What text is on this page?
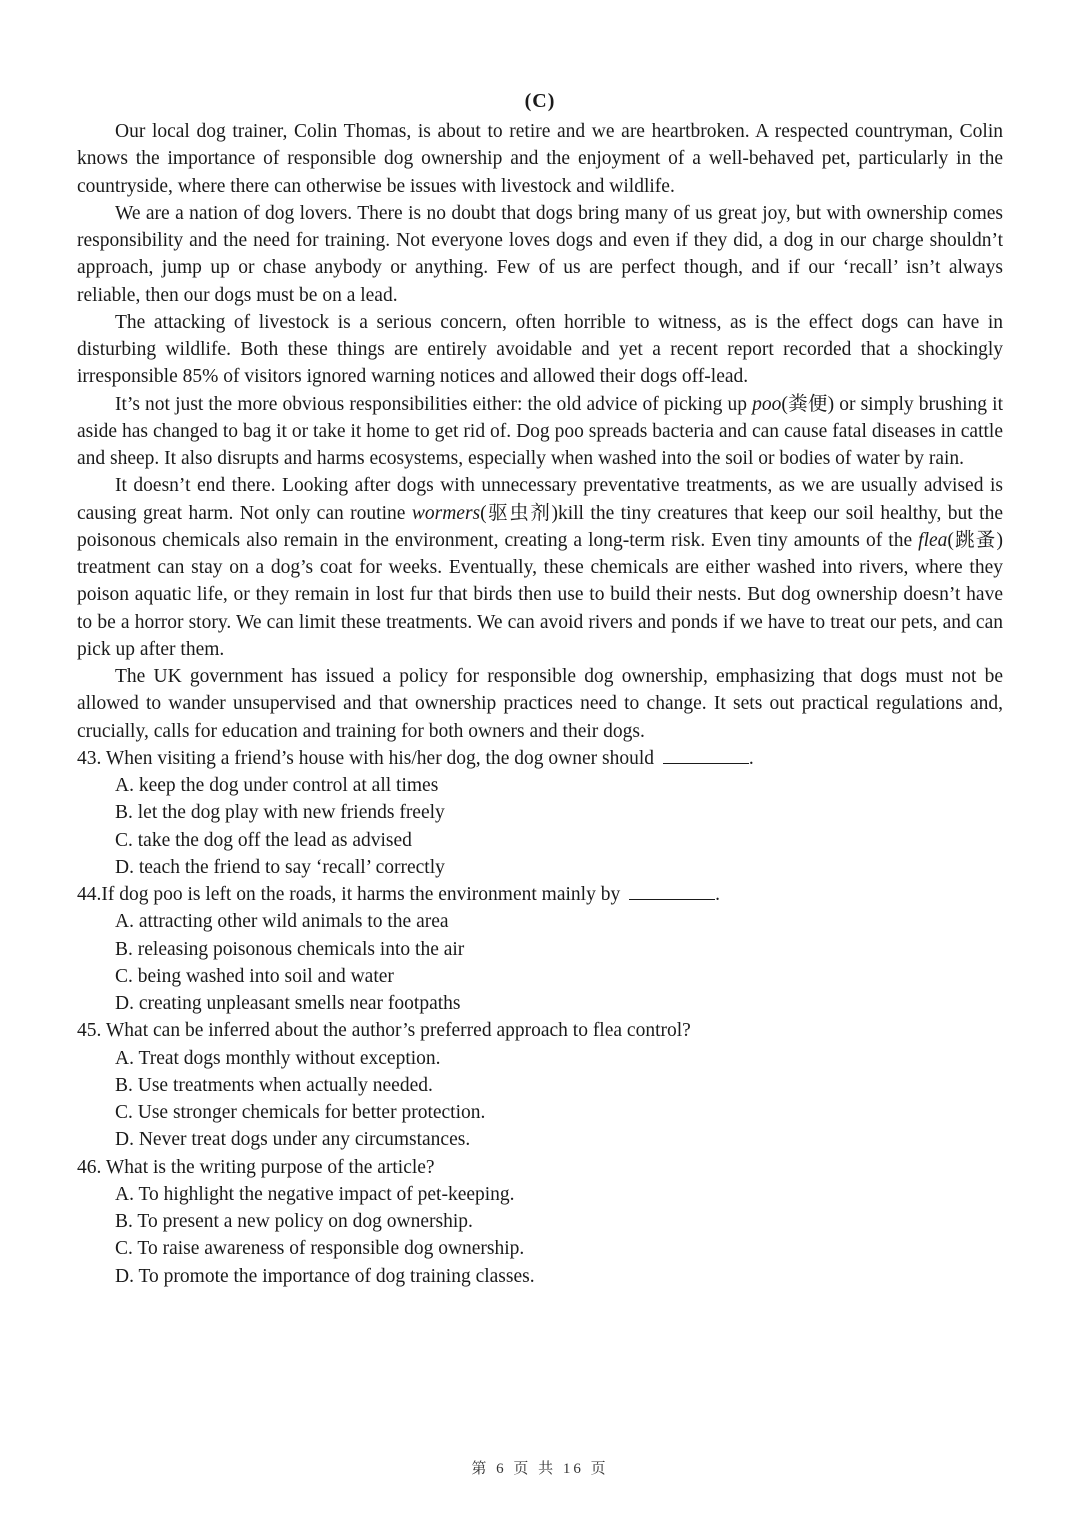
(C)

Our local dog trainer, Colin Thomas, is about to retire and we are heartbroken. A respected countryman, Colin knows the importance of responsible dog ownership and the enjoyment of a well-behaved pet, particularly in the countryside, where there can otherwise be issues with livestock and wildlife.

We are a nation of dog lovers. There is no doubt that dogs bring many of us great joy, but with ownership comes responsibility and the need for training. Not everyone loves dogs and even if they did, a dog in our charge shouldn’t approach, jump up or chase anybody or anything. Few of us are perfect though, and if our ‘recall’ isn’t always reliable, then our dogs must be on a lead.

The attacking of livestock is a serious concern, often horrible to witness, as is the effect dogs can have in disturbing wildlife. Both these things are entirely avoidable and yet a recent report recorded that a shockingly irresponsible 85% of visitors ignored warning notices and allowed their dogs off-lead.

It’s not just the more obvious responsibilities either: the old advice of picking up poo(粪便) or simply brushing it aside has changed to bag it or take it home to get rid of. Dog poo spreads bacteria and can cause fatal diseases in cattle and sheep. It also disrupts and harms ecosystems, especially when washed into the soil or bodies of water by rain.

It doesn’t end there. Looking after dogs with unnecessary preventative treatments, as we are usually advised is causing great harm. Not only can routine wormers(驱虫剂)kill the tiny creatures that keep our soil healthy, but the poisonous chemicals also remain in the environment, creating a long-term risk. Even tiny amounts of the flea(跳蚤) treatment can stay on a dog’s coat for weeks. Eventually, these chemicals are either washed into rivers, where they poison aquatic life, or they remain in lost fur that birds then use to build their nests. But dog ownership doesn’t have to be a horror story. We can limit these treatments. We can avoid rivers and ponds if we have to treat our pets, and can pick up after them.

The UK government has issued a policy for responsible dog ownership, emphasizing that dogs must not be allowed to wander unsupervised and that ownership practices need to change. It sets out practical regulations and, crucially, calls for education and training for both owners and their dogs.

43. When visiting a friend’s house with his/her dog, the dog owner should	.
A. keep the dog under control at all times
B. let the dog play with new friends freely
C. take the dog off the lead as advised
D. teach the friend to say ‘recall’ correctly
44.If dog poo is left on the roads, it harms the environment mainly by	.
A. attracting other wild animals to the area
B. releasing poisonous chemicals into the air
C. being washed into soil and water
D. creating unpleasant smells near footpaths
45. What can be inferred about the author’s preferred approach to flea control?
A. Treat dogs monthly without exception.
B. Use treatments when actually needed.
C. Use stronger chemicals for better protection.
D. Never treat dogs under any circumstances.
46. What is the writing purpose of the article?
A. To highlight the negative impact of pet-keeping.
B. To present a new policy on dog ownership.
C. To raise awareness of responsible dog ownership.
D. To promote the importance of dog training classes.
第 6 页 共 16 页
